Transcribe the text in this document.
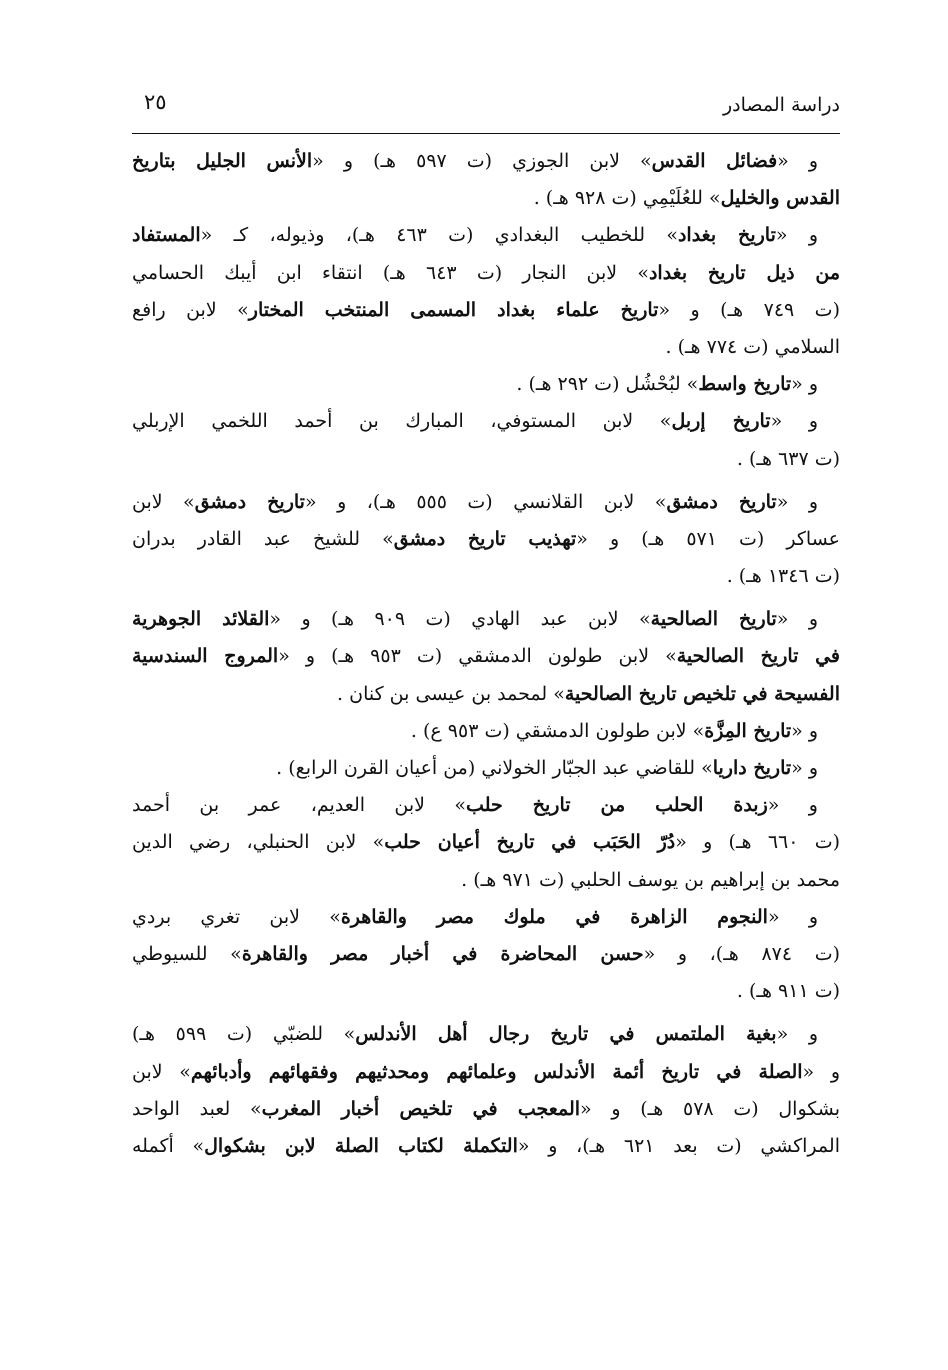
دراسة المصادر
٢٥
و «فضائل القدس» لابن الجوزي (ت ٥٩٧ هـ) و «الأنس الجليل بتاريخ
القدس والخليل» للعُلَيْمِي (ت ٩٢٨ هـ) .
و «تاريخ بغداد» للخطيب البغدادي (ت ٤٦٣ هـ)، وذيوله، كـ «المستفاد
من ذيل تاريخ بغداد» لابن النجار (ت ٦٤٣ هـ) انتقاء ابن أيبك الحسامي
(ت ٧٤٩ هـ) و «تاريخ علماء بغداد المسمى المنتخب المختار» لابن رافع
السلامي (ت ٧٧٤ هـ) .
و «تاريخ واسط» لبُحْشُل (ت ٢٩٢ هـ) .
و «تاريخ إربل» لابن المستوفي، المبارك بن أحمد اللخمي الإربلي
(ت ٦٣٧ هـ) .
و «تاريخ دمشق» لابن القلانسي (ت ٥٥٥ هـ)، و «تاريخ دمشق» لابن
عساكر (ت ٥٧١ هـ) و «تهذيب تاريخ دمشق» للشيخ عبد القادر بدران
(ت ١٣٤٦ هـ) .
و «تاريخ الصالحية» لابن عبد الهادي (ت ٩٠٩ هـ) و «القلائد الجوهرية
في تاريخ الصالحية» لابن طولون الدمشقي (ت ٩٥٣ هـ) و «المروج السندسية
الفسيحة في تلخيص تاريخ الصالحية» لمحمد بن عيسى بن كنان .
و «تاريخ المِزَّة» لابن طولون الدمشقي (ت ٩٥٣ ع) .
و «تاريخ داريا» للقاضي عبد الجبّار الخولاني (من أعيان القرن الرابع) .
و «زبدة الحلب من تاريخ حلب» لابن العديم، عمر بن أحمد
(ت ٦٦٠ هـ) و «دُرّ الحَبَب في تاريخ أعيان حلب» لابن الحنبلي، رضي الدين
محمد بن إبراهيم بن يوسف الحلبي (ت ٩٧١ هـ) .
و «النجوم الزاهرة في ملوك مصر والقاهرة» لابن تغري بردي
(ت ٨٧٤ هـ)، و «حسن المحاضرة في أخبار مصر والقاهرة» للسيوطي
(ت ٩١١ هـ) .
و «بغية الملتمس في تاريخ رجال أهل الأندلس» للضبّي (ت ٥٩٩ هـ)
و «الصلة في تاريخ أئمة الأندلس وعلمائهم ومحدثيهم وفقهائهم وأدبائهم» لابن
بشكوال (ت ٥٧٨ هـ) و «المعجب في تلخيص أخبار المغرب» لعبد الواحد
المراكشي (ت بعد ٦٢١ هـ)، و «التكملة لكتاب الصلة لابن بشكوال» أكمله
